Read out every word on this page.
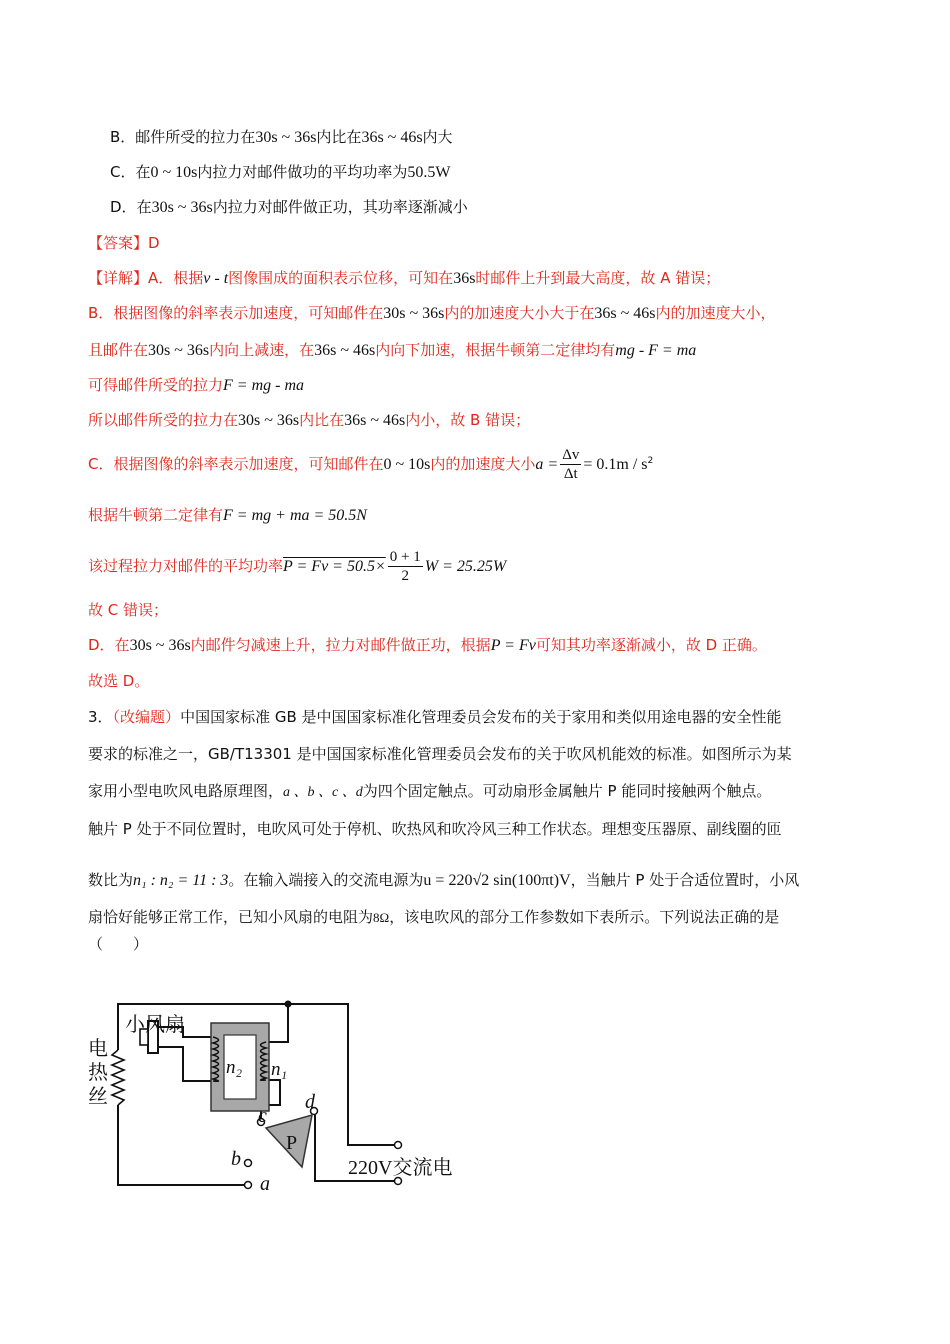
B．邮件所受的拉力在30s ~ 36s内比在36s ~ 46s内大
C．在0 ~ 10s内拉力对邮件做功的平均功率为50.5W
D．在30s ~ 36s内拉力对邮件做正功，其功率逐渐减小
【答案】D
【详解】A．根据v - t图像围成的面积表示位移，可知在36s时邮件上升到最大高度，故 A 错误；
B．根据图像的斜率表示加速度，可知邮件在30s ~ 36s内的加速度大小大于在36s ~ 46s内的加速度大小，
且邮件在30s ~ 36s内向上减速，在36s ~ 46s内向下加速，根据牛顿第二定律均有mg - F = ma
可得邮件所受的拉力F = mg - ma
所以邮件所受的拉力在30s ~ 36s内比在36s ~ 46s内小，故 B 错误；
C．根据图像的斜率表示加速度，可知邮件在0 ~ 10s内的加速度大小$a = \frac{\Delta v}{\Delta t} = 0.1m / s^2$
根据牛顿第二定律有F = mg + ma = 50.5N
该过程拉力对邮件的平均功率$P = Fv = 50.5\times \frac{0 + 1}{2}$ W = 25.25W
故 C 错误；
D．在30s ~ 36s内邮件匀减速上升，拉力对邮件做正功，根据P = Fv可知其功率逐渐减小，故 D 正确。
故选 D。
3．（改编题）中国国家标准 GB 是中国国家标准化管理委员会发布的关于家用和类似用途电器的安全性能
要求的标准之一，GB/T13301 是中国国家标准化管理委员会发布的关于吹风机能效的标准。如图所示为某
家用小型电吹风电路原理图，a 、b 、c 、d为四个固定触点。可动扇形金属触片 P 能同时接触两个触点。
触片 P 处于不同位置时，电吹风可处于停机、吹热风和吹冷风三种工作状态。理想变压器原、副线圈的匝
数比为n₁ : n₂ = 11 : 3。在输入端接入的交流电源为u = 220√2 sin(100πt)V，当触片 P 处于合适位置时，小风
扇恰好能够正常工作，已知小风扇的电阻为8Ω，该电吹风的部分工作参数如下表所示。下列说法正确的是
（　　）
小风扇
电
热
丝
n₂ n₁
c
d
b
a
P
220V交流电
